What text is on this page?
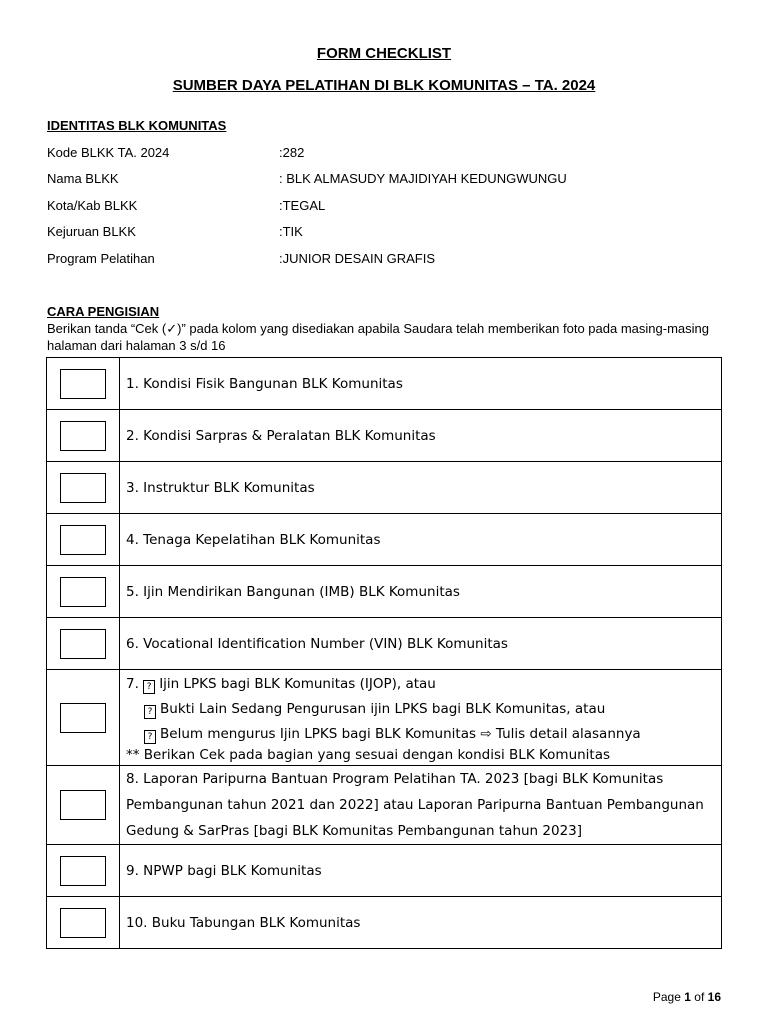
FORM CHECKLIST
SUMBER DAYA PELATIHAN DI BLK KOMUNITAS – TA. 2024
IDENTITAS BLK KOMUNITAS
Kode BLKK TA. 2024	:282
Nama BLKK	: BLK ALMASUDY MAJIDIYAH KEDUNGWUNGU
Kota/Kab BLKK	:TEGAL
Kejuruan BLKK	:TIK
Program Pelatihan	:JUNIOR DESAIN GRAFIS
CARA PENGISIAN
Berikan tanda “Cek (✓)” pada kolom yang disediakan apabila Saudara telah memberikan foto pada masing-masing halaman dari halaman 3 s/d 16
	1. Kondisi Fisik Bangunan BLK Komunitas

	2. Kondisi Sarpras & Peralatan BLK Komunitas

	3. Instruktur BLK Komunitas

	4. Tenaga Kepelatihan BLK Komunitas

	5. Ijin Mendirikan Bangunan (IMB) BLK Komunitas

	6. Vocational Identification Number (VIN) BLK Komunitas

	7. ? Ijin LPKS bagi BLK Komunitas (IJOP), atau
? Bukti Lain Sedang Pengurusan ijin LPKS bagi BLK Komunitas, atau
? Belum mengurus Ijin LPKS bagi BLK Komunitas ⇨ Tulis detail alasannya
** Berikan Cek pada bagian yang sesuai dengan kondisi BLK Komunitas

	8. Laporan Paripurna Bantuan Program Pelatihan TA. 2023 [bagi BLK Komunitas
Pembangunan tahun 2021 dan 2022] atau Laporan Paripurna Bantuan Pembangunan
Gedung & SarPras [bagi BLK Komunitas Pembangunan tahun 2023]

	9. NPWP bagi BLK Komunitas

	10. Buku Tabungan BLK Komunitas
Page 1 of 16
